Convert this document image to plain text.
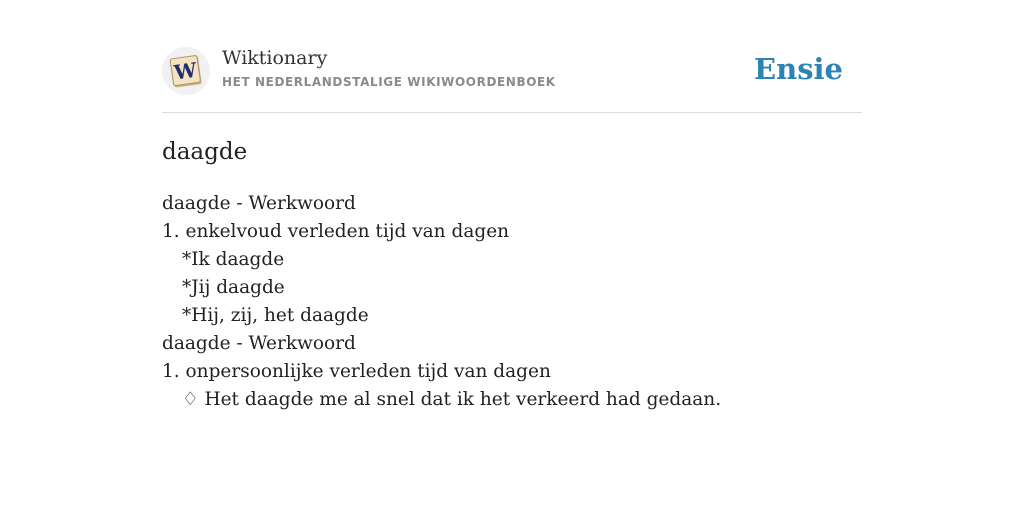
W Wiktionary
HET NEDERLANDSTALIGE WIKIWOORDENBOEK	Ensie
daagde
daagde - Werkwoord
1. enkelvoud verleden tijd van dagen
*Ik daagde
*Jij daagde
*Hij, zij, het daagde
daagde - Werkwoord
1. onpersoonlijke verleden tijd van dagen
♢ Het daagde me al snel dat ik het verkeerd had gedaan.
